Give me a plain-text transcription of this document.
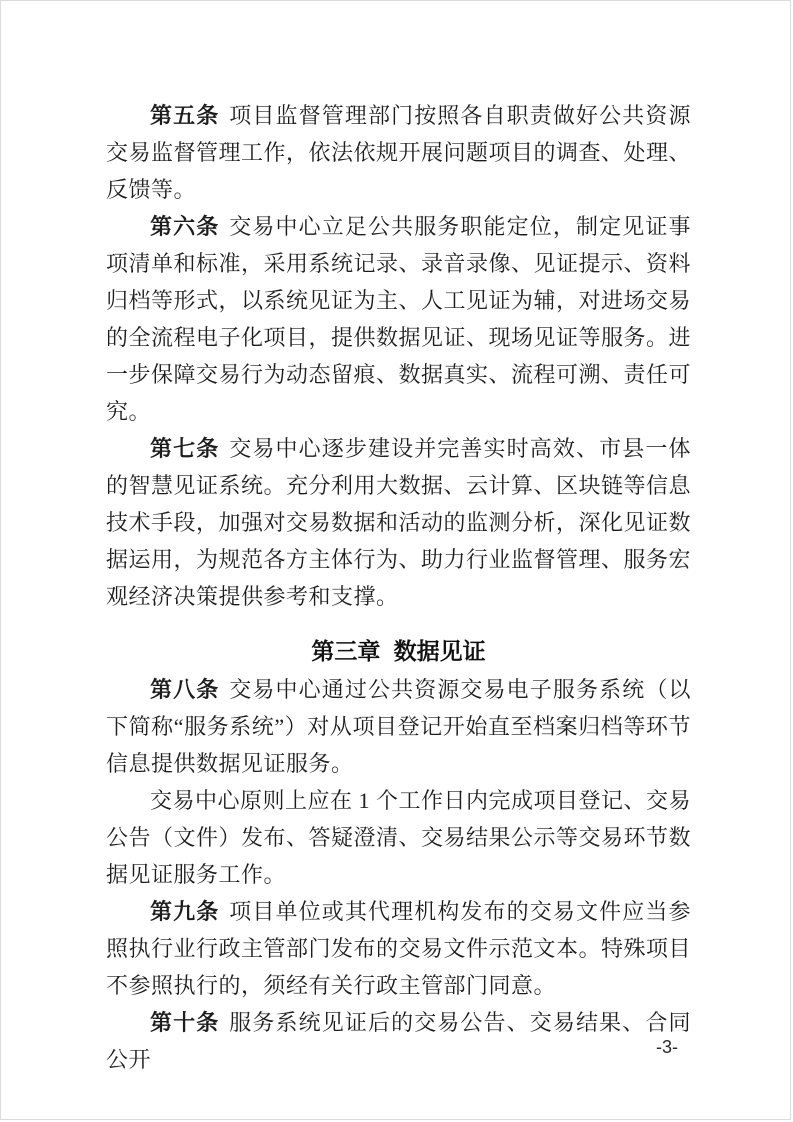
第五条 项目监督管理部门按照各自职责做好公共资源交易监督管理工作，依法依规开展问题项目的调查、处理、反馈等。

第六条 交易中心立足公共服务职能定位，制定见证事项清单和标准，采用系统记录、录音录像、见证提示、资料归档等形式，以系统见证为主、人工见证为辅，对进场交易的全流程电子化项目，提供数据见证、现场见证等服务。进一步保障交易行为动态留痕、数据真实、流程可溯、责任可究。

第七条 交易中心逐步建设并完善实时高效、市县一体的智慧见证系统。充分利用大数据、云计算、区块链等信息技术手段，加强对交易数据和活动的监测分析，深化见证数据运用，为规范各方主体行为、助力行业监督管理、服务宏观经济决策提供参考和支撑。

第三章 数据见证

第八条 交易中心通过公共资源交易电子服务系统（以下简称“服务系统”）对从项目登记开始直至档案归档等环节信息提供数据见证服务。

交易中心原则上应在 1 个工作日内完成项目登记、交易公告（文件）发布、答疑澄清、交易结果公示等交易环节数据见证服务工作。

第九条 项目单位或其代理机构发布的交易文件应当参照执行业行政主管部门发布的交易文件示范文本。特殊项目不参照执行的，须经有关行政主管部门同意。

第十条 服务系统见证后的交易公告、交易结果、合同公开	-3-
